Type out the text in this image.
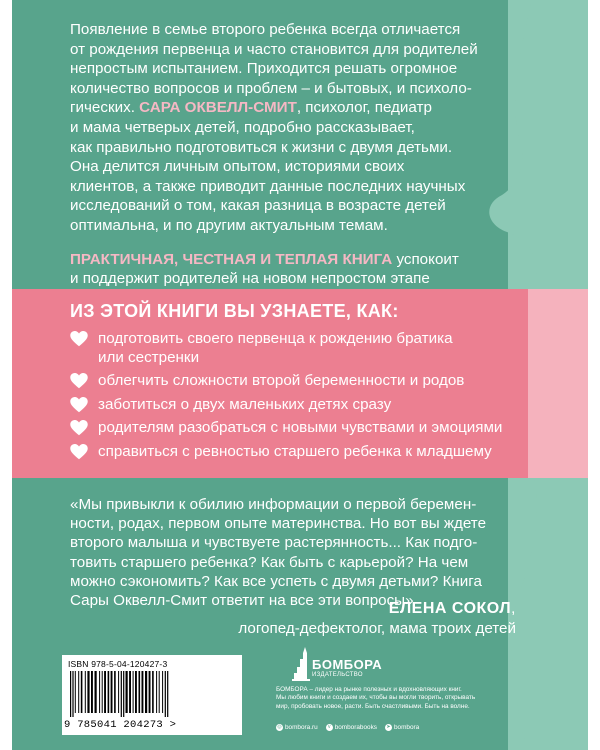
Появление в семье второго ребенка всегда отличается
от рождения первенца и часто становится для родителей
непростым испытанием. Приходится решать огромное
количество вопросов и проблем – и бытовых, и психоло-
гических. САРА ОКВЕЛЛ-СМИТ, психолог, педиатр
и мама четверых детей, подробно рассказывает,
как правильно подготовиться к жизни с двумя детьми.
Она делится личным опытом, историями своих
клиентов, а также приводит данные последних научных
исследований о том, какая разница в возрасте детей
оптимальна, и по другим актуальным темам.

ПРАКТИЧНАЯ, ЧЕСТНАЯ И ТЕПЛАЯ КНИГА успокоит
и поддержит родителей на новом непростом этапе

ИЗ ЭТОЙ КНИГИ ВЫ УЗНАЕТЕ, КАК:
подготовить своего первенца к рождению братика
или сестренки
облегчить сложности второй беременности и родов
заботиться о двух маленьких детях сразу
родителям разобраться с новыми чувствами и эмоциями
справиться с ревностью старшего ребенка к младшему

«Мы привыкли к обилию информации о первой беремен-
ности, родах, первом опыте материнства. Но вот вы ждете
второго малыша и чувствуете растерянность... Как подго-
товить старшего ребенка? Как быть с карьерой? На чем
можно сэкономить? Как все успеть с двумя детьми? Книга
Сары Оквелл-Смит ответит на все эти вопросы»

ЕЛЕНА СОКОЛ,

логопед-дефектолог, мама троих детей

ISBN 978-5-04-120427-3
9 785041 204273 >

БОМБОРА

ИЗДАТЕЛЬСТВО

БОМБОРА – лидер на рынке полезных и вдохновляющих книг.
Мы любим книги и создаем их, чтобы вы могли творить, открывать
мир, пробовать новое, расти. Быть счастливыми. Быть на волне.

◎ bombora.ru	v bomborabooks ➤ bombora
